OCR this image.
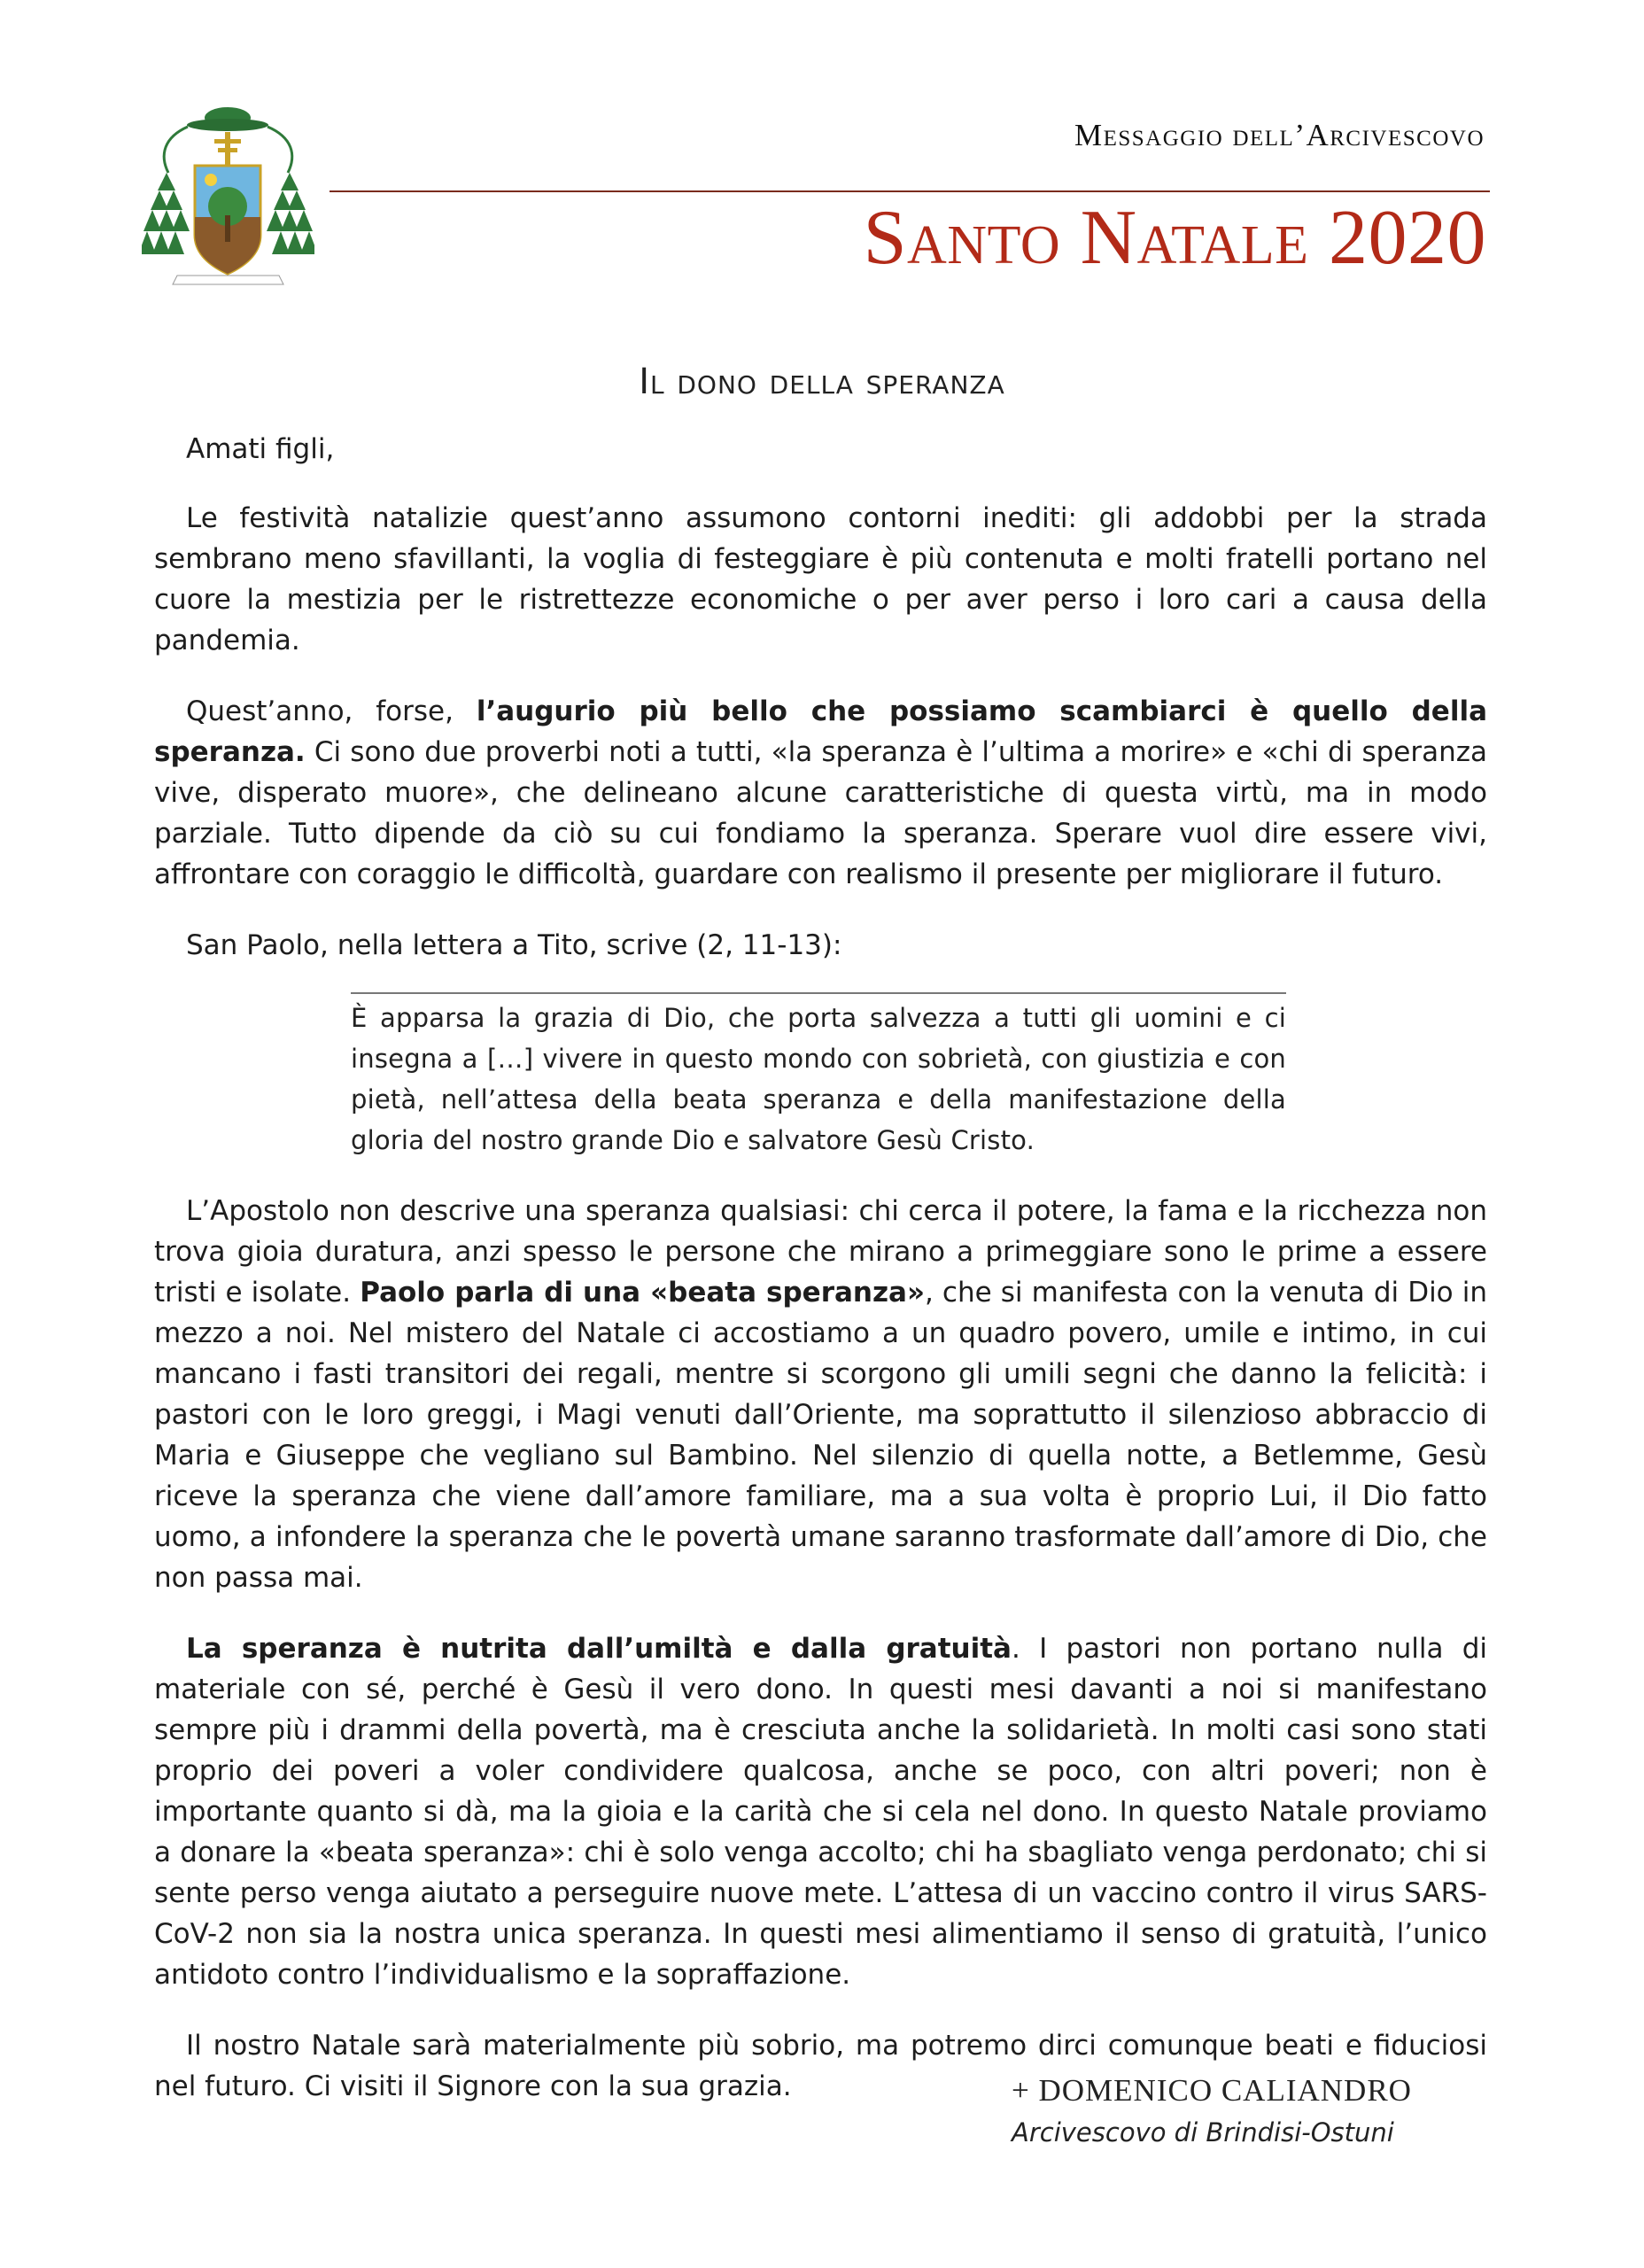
Messaggio dell’Arcivescovo
Santo Natale 2020
Il dono della speranza

Amati figli,

Le festività natalizie quest’anno assumono contorni inediti: gli addobbi per la strada sembrano meno sfavillanti, la voglia di festeggiare è più contenuta e molti fratelli portano nel cuore la mestizia per le ristrettezze economiche o per aver perso i loro cari a causa della pandemia.

Quest’anno, forse, l’augurio più bello che possiamo scambiarci è quello della speranza. Ci sono due proverbi noti a tutti, «la speranza è l’ultima a morire» e «chi di speranza vive, disperato muore», che delineano alcune caratteristiche di questa virtù, ma in modo parziale. Tutto dipende da ciò su cui fondiamo la speranza. Sperare vuol dire essere vivi, affrontare con coraggio le difficoltà, guardare con realismo il presente per migliorare il futuro.

San Paolo, nella lettera a Tito, scrive (2, 11-13):

È apparsa la grazia di Dio, che porta salvezza a tutti gli uomini e ci insegna a […] vivere in questo mondo con sobrietà, con giustizia e con pietà, nell’attesa della beata speranza e della manifestazione della gloria del nostro grande Dio e salvatore Gesù Cristo.

L’Apostolo non descrive una speranza qualsiasi: chi cerca il potere, la fama e la ricchezza non trova gioia duratura, anzi spesso le persone che mirano a primeggiare sono le prime a essere tristi e isolate. Paolo parla di una «beata speranza», che si manifesta con la venuta di Dio in mezzo a noi. Nel mistero del Natale ci accostiamo a un quadro povero, umile e intimo, in cui mancano i fasti transitori dei regali, mentre si scorgono gli umili segni che danno la felicità: i pastori con le loro greggi, i Magi venuti dall’Oriente, ma soprattutto il silenzioso abbraccio di Maria e Giuseppe che vegliano sul Bambino. Nel silenzio di quella notte, a Betlemme, Gesù riceve la speranza che viene dall’amore familiare, ma a sua volta è proprio Lui, il Dio fatto uomo, a infondere la speranza che le povertà umane saranno trasformate dall’amore di Dio, che non passa mai.

La speranza è nutrita dall’umiltà e dalla gratuità. I pastori non portano nulla di materiale con sé, perché è Gesù il vero dono. In questi mesi davanti a noi si manifestano sempre più i drammi della povertà, ma è cresciuta anche la solidarietà. In molti casi sono stati proprio dei poveri a voler condividere qualcosa, anche se poco, con altri poveri; non è importante quanto si dà, ma la gioia e la carità che si cela nel dono. In questo Natale proviamo a donare la «beata speranza»: chi è solo venga accolto; chi ha sbagliato venga perdonato; chi si sente perso venga aiutato a perseguire nuove mete. L’attesa di un vaccino contro il virus SARS-CoV-2 non sia la nostra unica speranza. In questi mesi alimentiamo il senso di gratuità, l’unico antidoto contro l’individualismo e la sopraffazione.

Il nostro Natale sarà materialmente più sobrio, ma potremo dirci comunque beati e fiduciosi nel futuro. Ci visiti il Signore con la sua grazia.	+ DOMENICO CALIANDRO
Arcivescovo di Brindisi-Ostuni
